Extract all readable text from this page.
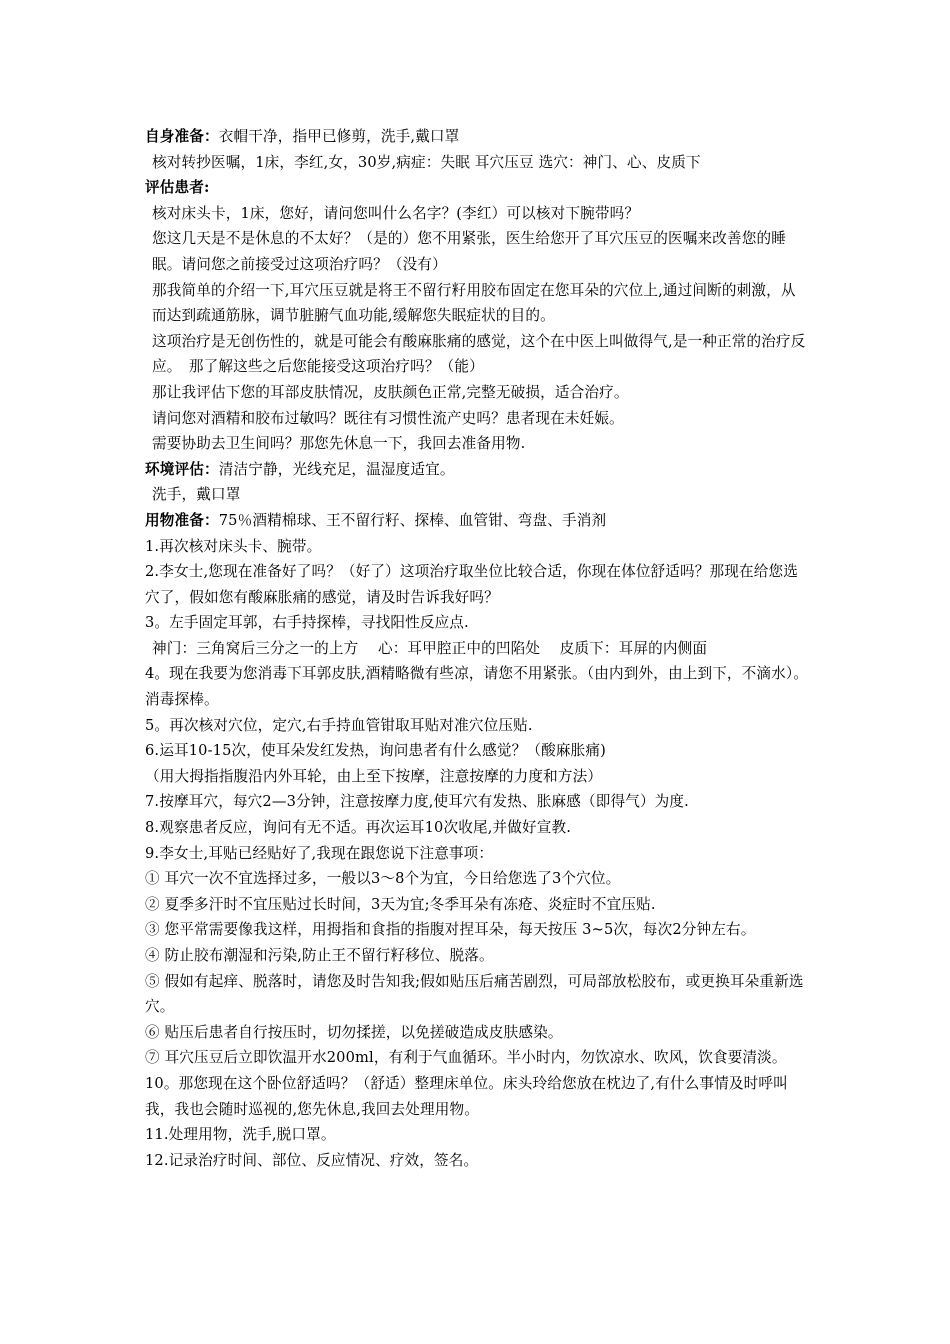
自身准备：衣帽干净，指甲已修剪，洗手,戴口罩

核对转抄医嘱，1床，李红,女，30岁,病症：失眠 耳穴压豆 选穴：神门、心、皮质下

评估患者:

核对床头卡，1床，您好，请问您叫什么名字？(李红）可以核对下腕带吗？

您这几天是不是休息的不太好？（是的）您不用紧张，医生给您开了耳穴压豆的医嘱来改善您的睡眠。请问您之前接受过这项治疗吗？（没有）

那我简单的介绍一下,耳穴压豆就是将王不留行籽用胶布固定在您耳朵的穴位上,通过间断的刺激，从而达到疏通筋脉，调节脏腑气血功能,缓解您失眠症状的目的。

这项治疗是无创伤性的，就是可能会有酸麻胀痛的感觉，这个在中医上叫做得气,是一种正常的治疗反应。　那了解这些之后您能接受这项治疗吗？（能）

那让我评估下您的耳部皮肤情况，皮肤颜色正常,完整无破损，适合治疗。

请问您对酒精和胶布过敏吗？既往有习惯性流产史吗？患者现在未妊娠。

需要协助去卫生间吗？那您先休息一下，我回去准备用物.

环境评估：清洁宁静，光线充足，温湿度适宜。

洗手，戴口罩

用物准备：75％酒精棉球、王不留行籽、探棒、血管钳、弯盘、手消剂

1.再次核对床头卡、腕带。

2.李女士,您现在准备好了吗？（好了）这项治疗取坐位比较合适，你现在体位舒适吗？那现在给您选穴了，假如您有酸麻胀痛的感觉，请及时告诉我好吗？

3。左手固定耳郭，右手持探棒，寻找阳性反应点.

神门：三角窝后三分之一的上方　 心：耳甲腔正中的凹陷处　 皮质下：耳屏的内侧面

4。现在我要为您消毒下耳郭皮肤,酒精略微有些凉，请您不用紧张。（由内到外，由上到下，不滴水）。消毒探棒。

5。再次核对穴位，定穴,右手持血管钳取耳贴对准穴位压贴.

6.运耳10-15次，使耳朵发红发热，询问患者有什么感觉？（酸麻胀痛)

（用大拇指指腹沿内外耳轮，由上至下按摩，注意按摩的力度和方法）

7.按摩耳穴，每穴2—3分钟，注意按摩力度,使耳穴有发热、胀麻感（即得气）为度.

8.观察患者反应，询问有无不适。再次运耳10次收尾,并做好宣教.

9.李女士,耳贴已经贴好了,我现在跟您说下注意事项：

① 耳穴一次不宜选择过多，一般以3～8个为宜，今日给您选了3个穴位。

② 夏季多汗时不宜压贴过长时间，3天为宜;冬季耳朵有冻疮、炎症时不宜压贴.

③ 您平常需要像我这样，用拇指和食指的指腹对捏耳朵，每天按压 3~5次，每次2分钟左右。

④ 防止胶布潮湿和污染,防止王不留行籽移位、脱落。

⑤ 假如有起痒、脱落时，请您及时告知我;假如贴压后痛苦剧烈，可局部放松胶布，或更换耳朵重新选穴。

⑥ 贴压后患者自行按压时，切勿揉搓，以免搓破造成皮肤感染。

⑦ 耳穴压豆后立即饮温开水200ml，有利于气血循环。半小时内，勿饮凉水、吹风，饮食要清淡。

10。那您现在这个卧位舒适吗？（舒适）整理床单位。床头玲给您放在枕边了,有什么事情及时呼叫我，我也会随时巡视的,您先休息,我回去处理用物。

11.处理用物，洗手,脱口罩。

12.记录治疗时间、部位、反应情况、疗效，签名。
